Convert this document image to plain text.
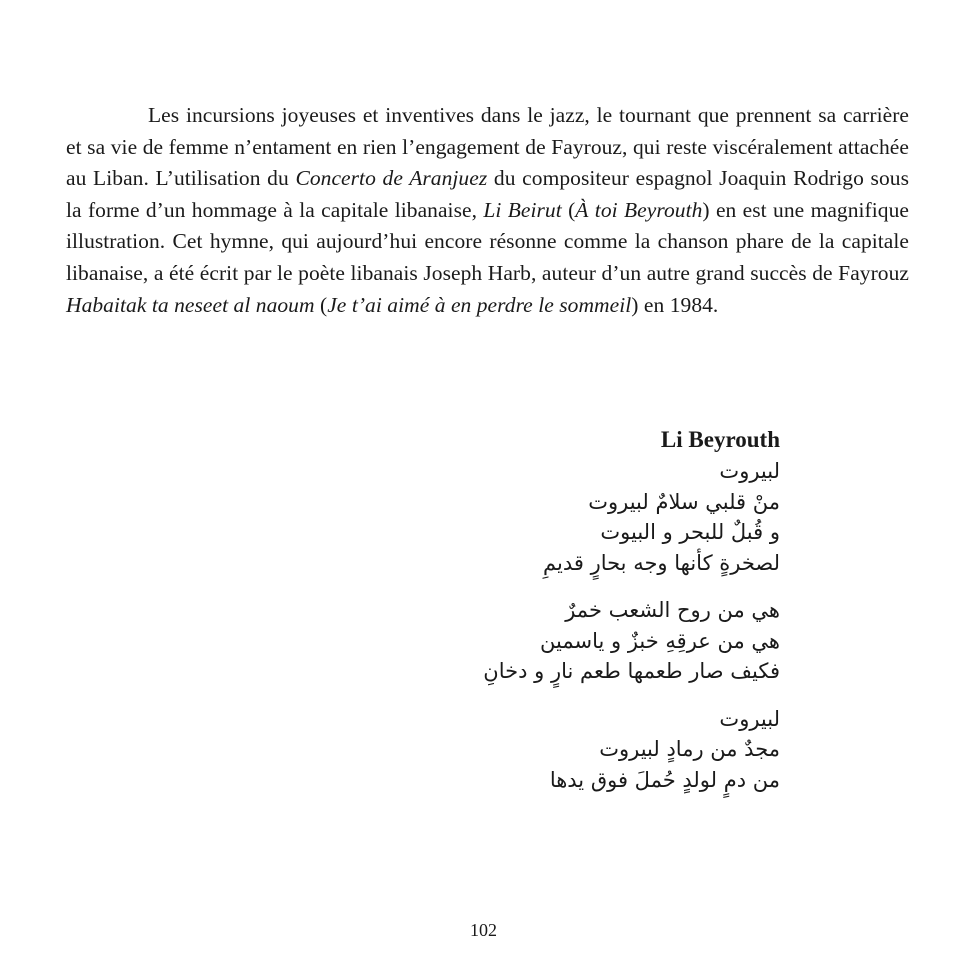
Les incursions joyeuses et inventives dans le jazz, le tournant que prennent sa carrière et sa vie de femme n’entament en rien l’engagement de Fayrouz, qui reste viscéralement attachée au Liban. L’utilisation du Concerto de Aranjuez du compositeur espagnol Joaquin Rodrigo sous la forme d’un hommage à la capitale libanaise, Li Beirut (À toi Beyrouth) en est une magnifique illustration. Cet hymne, qui aujourd’hui encore résonne comme la chanson phare de la capitale libanaise, a été écrit par le poète libanais Joseph Harb, auteur d’un autre grand succès de Fayrouz Habaitak ta neseet al naoum (Je t’ai aimé à en perdre le sommeil) en 1984.

Li Beyrouth
لبيروت
منْ قلبي سلامٌ لبيروت
و قُبلٌ للبحر و البيوت
لصخرةٍ كأنها وجه بحارٍ قديمِ
هي من روح الشعب خمرٌ
هي من عرقِهِ خبزٌ و ياسمين
فكيف صار طعمها طعم نارٍ و دخانِ
لبيروت
مجدٌ من رمادٍ لبيروت
من دمٍ لولدٍ حُملَ فوق يدها
102
